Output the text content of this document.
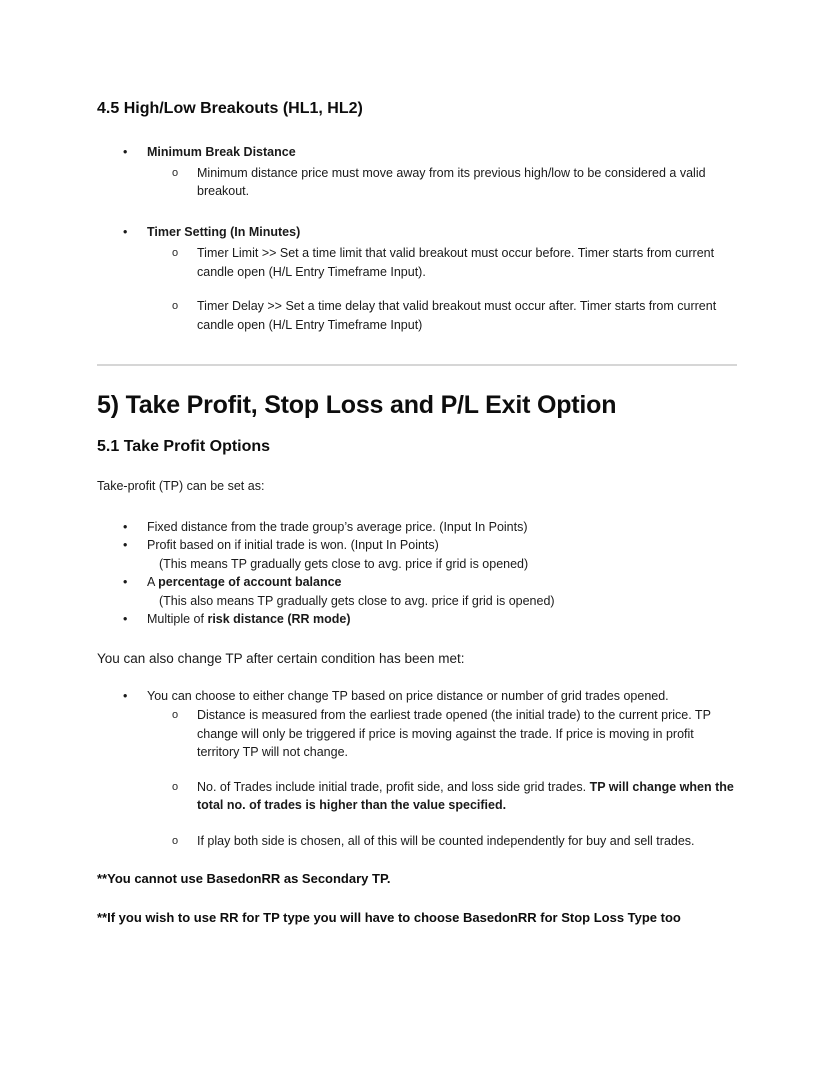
4.5 High/Low Breakouts (HL1, HL2)
•	Minimum Break Distance

o	Minimum distance price must move away from its previous high/low to be considered a valid breakout.

•	Timer Setting (In Minutes)

o	Timer Limit >> Set a time limit that valid breakout must occur before. Timer starts from current candle open (H/L Entry Timeframe Input).

o	Timer Delay >> Set a time delay that valid breakout must occur after. Timer starts from current candle open (H/L Entry Timeframe Input)

5) Take Profit, Stop Loss and P/L Exit Option
5.1 Take Profit Options

Take-profit (TP) can be set as:

•	Fixed distance from the trade group’s average price. (Input In Points)

•	Profit based on if initial trade is won. (Input In Points)

(This means TP gradually gets close to avg. price if grid is opened)

•	A percentage of account balance

(This also means TP gradually gets close to avg. price if grid is opened)

•	Multiple of risk distance (RR mode)

You can also change TP after certain condition has been met:

•	You can choose to either change TP based on price distance or number of grid trades opened.

o	Distance is measured from the earliest trade opened (the initial trade) to the current price. TP change will only be triggered if price is moving against the trade. If price is moving in profit territory TP will not change.

o	No. of Trades include initial trade, profit side, and loss side grid trades. TP will change when the total no. of trades is higher than the value specified.

o	If play both side is chosen, all of this will be counted independently for buy and sell trades.

**You cannot use BasedonRR as Secondary TP.

**If you wish to use RR for TP type you will have to choose BasedonRR for Stop Loss Type too
